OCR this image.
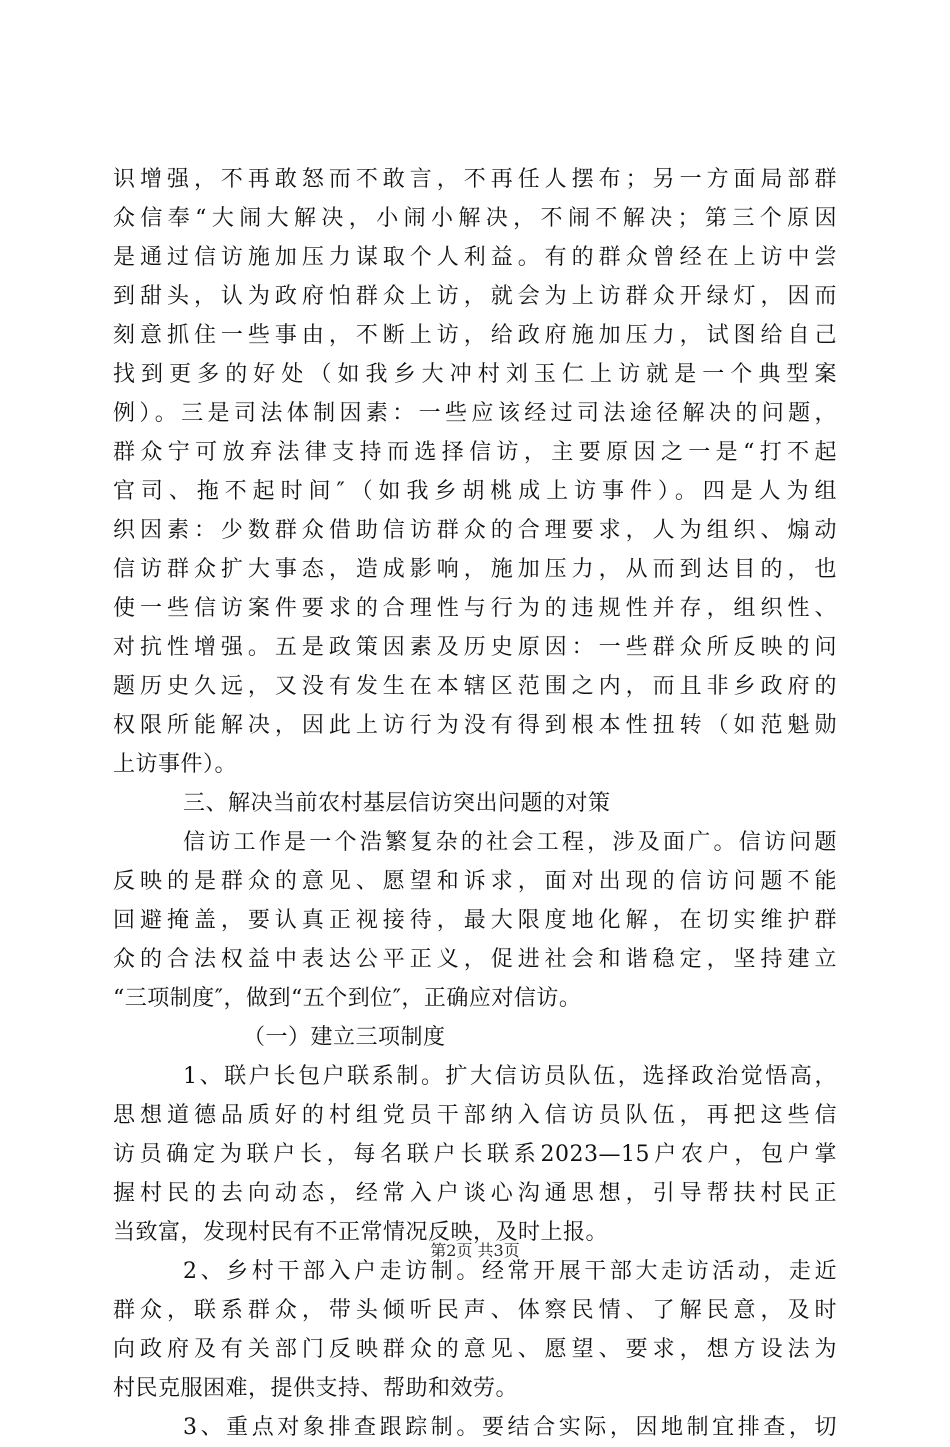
识增强，不再敢怒而不敢言，不再任人摆布；另一方面局部群
众信奉“大闹大解决，小闹小解决，不闹不解决；第三个原因
是通过信访施加压力谋取个人利益。有的群众曾经在上访中尝
到甜头，认为政府怕群众上访，就会为上访群众开绿灯，因而
刻意抓住一些事由，不断上访，给政府施加压力，试图给自己
找到更多的好处（如我乡大冲村刘玉仁上访就是一个典型案
例）。三是司法体制因素：一些应该经过司法途径解决的问题，
群众宁可放弃法律支持而选择信访，主要原因之一是“打不起
官司、拖不起时间″（如我乡胡桃成上访事件）。四是人为组
织因素：少数群众借助信访群众的合理要求，人为组织、煽动
信访群众扩大事态，造成影响，施加压力，从而到达目的，也
使一些信访案件要求的合理性与行为的违规性并存，组织性、
对抗性增强。五是政策因素及历史原因：一些群众所反映的问
题历史久远，又没有发生在本辖区范围之内，而且非乡政府的
权限所能解决，因此上访行为没有得到根本性扭转（如范魁勋
上访事件）。
三、解决当前农村基层信访突出问题的对策
信访工作是一个浩繁复杂的社会工程，涉及面广。信访问题
反映的是群众的意见、愿望和诉求，面对出现的信访问题不能
回避掩盖，要认真正视接待，最大限度地化解，在切实维护群
众的合法权益中表达公平正义，促进社会和谐稳定，坚持建立
“三项制度″，做到“五个到位″，正确应对信访。
（一）建立三项制度
1、联户长包户联系制。扩大信访员队伍，选择政治觉悟高，
思想道德品质好的村组党员干部纳入信访员队伍，再把这些信
访员确定为联户长，每名联户长联系2023—15户农户，包户掌
握村民的去向动态，经常入户谈心沟通思想，引导帮扶村民正
当致富，发现村民有不正常情况反映，及时上报。
2、乡村干部入户走访制。经常开展干部大走访活动，走近
群众，联系群众，带头倾听民声、体察民情、了解民意，及时
向政府及有关部门反映群众的意见、愿望、要求，想方设法为
村民克服困难，提供支持、帮助和效劳。
3、重点对象排查跟踪制。要结合实际，因地制宜排查，切
第2页 共3页
